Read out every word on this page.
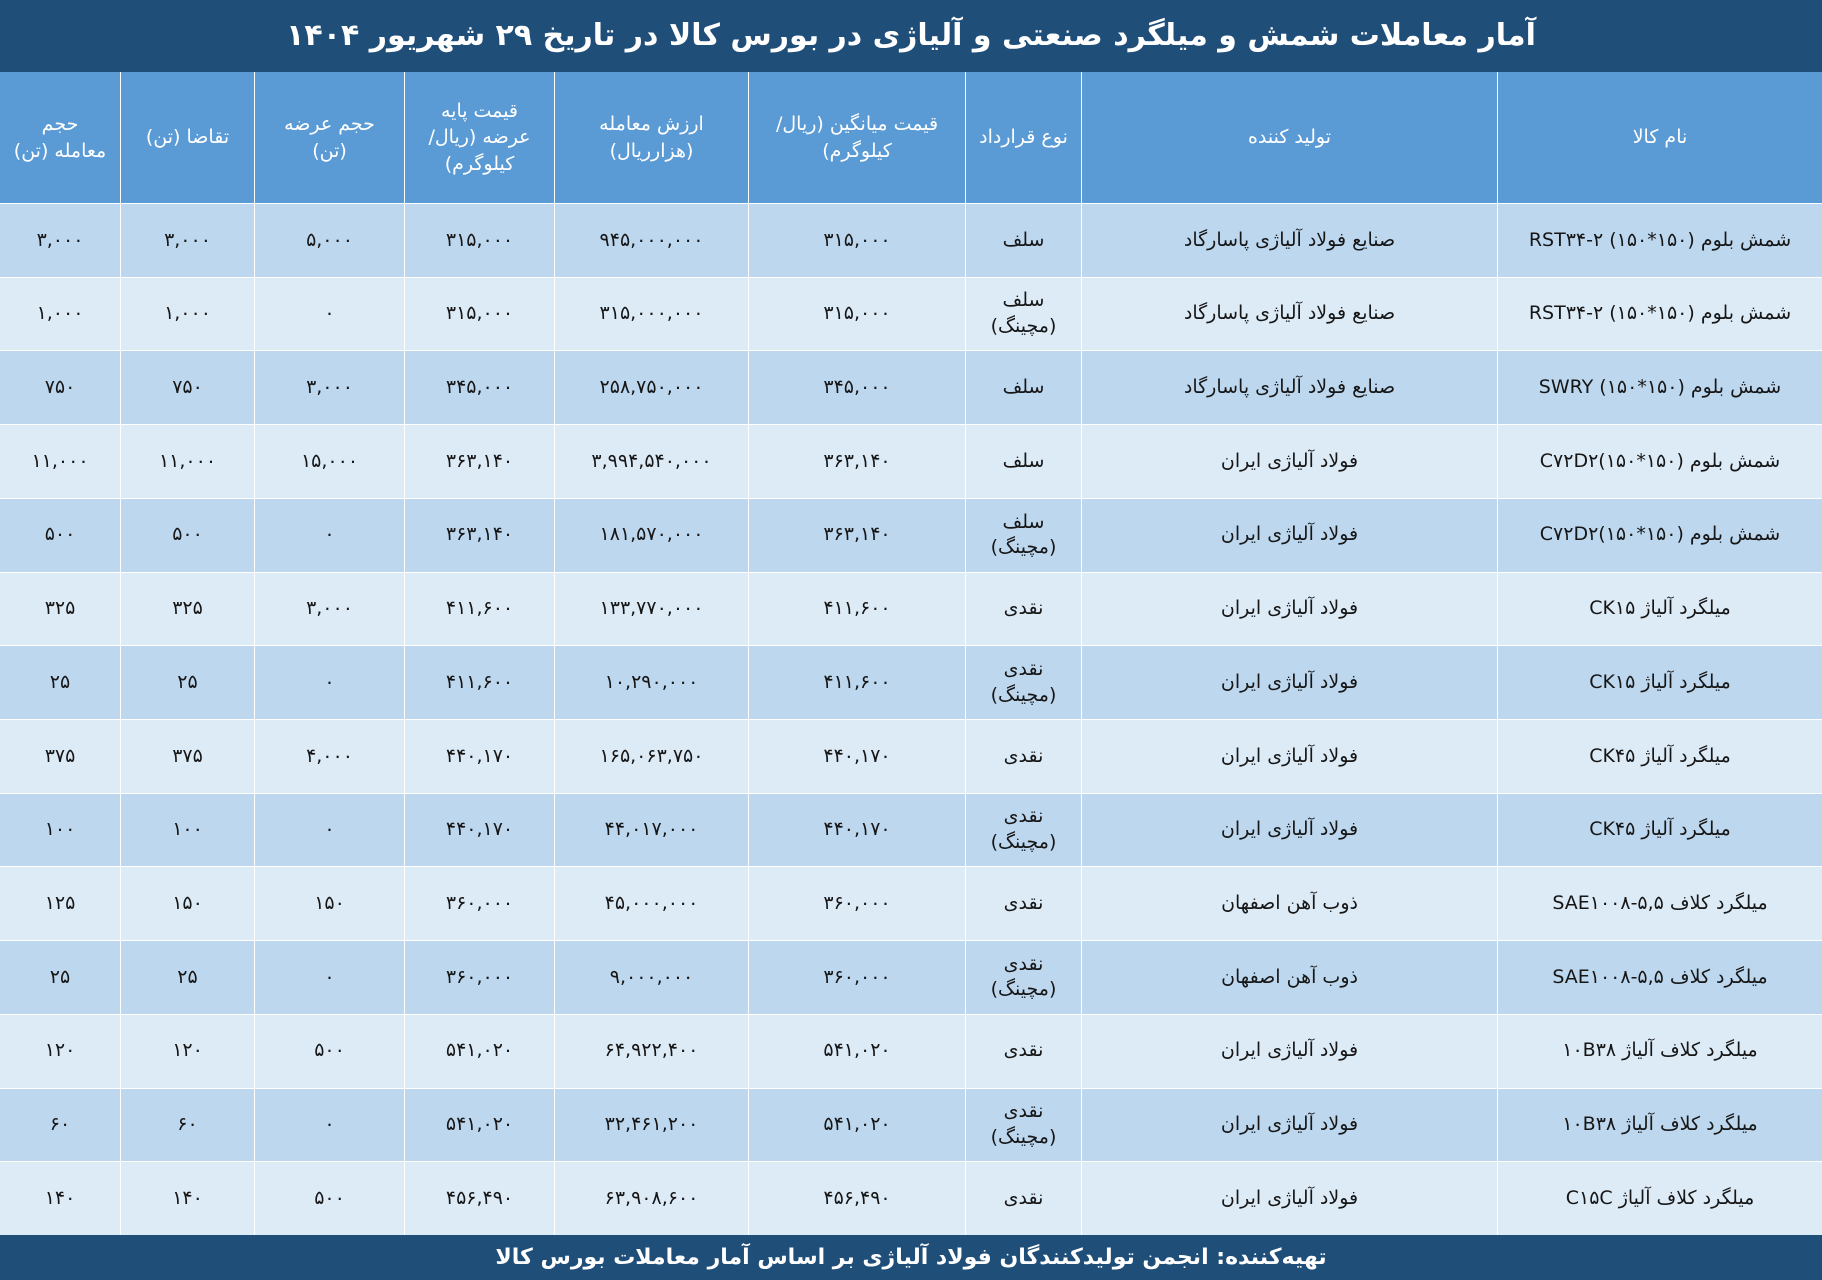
آمار معاملات شمش و میلگرد صنعتی و آلیاژی در بورس کالا در تاریخ ۲۹ شهریور ۱۴۰۴
نام کالا
تولید کننده
نوع قرارداد
قیمت میانگین (ریال/
کیلوگرم)
ارزش معامله
(هزارریال)
قیمت پایه
عرضه (ریال/
کیلوگرم)
حجم عرضه
(تن)
تقاضا (تن)
حجم
معامله (تن)
شمش بلوم (۱۵۰*۱۵۰) RST۳۴-۲
صنایع فولاد آلیاژی پاسارگاد
سلف
۳۱۵,۰۰۰
۹۴۵,۰۰۰,۰۰۰
۳۱۵,۰۰۰
۵,۰۰۰
۳,۰۰۰
۳,۰۰۰
شمش بلوم (۱۵۰*۱۵۰) RST۳۴-۲
صنایع فولاد آلیاژی پاسارگاد
سلف (مچینگ)
۳۱۵,۰۰۰
۳۱۵,۰۰۰,۰۰۰
۳۱۵,۰۰۰
۰
۱,۰۰۰
۱,۰۰۰
شمش بلوم (۱۵۰*۱۵۰) SWRY
صنایع فولاد آلیاژی پاسارگاد
سلف
۳۴۵,۰۰۰
۲۵۸,۷۵۰,۰۰۰
۳۴۵,۰۰۰
۳,۰۰۰
۷۵۰
۷۵۰
شمش بلوم (۱۵۰*۱۵۰)C۷۲D۲
فولاد آلیاژی ایران
سلف
۳۶۳,۱۴۰
۳,۹۹۴,۵۴۰,۰۰۰
۳۶۳,۱۴۰
۱۵,۰۰۰
۱۱,۰۰۰
۱۱,۰۰۰
شمش بلوم (۱۵۰*۱۵۰)C۷۲D۲
فولاد آلیاژی ایران
سلف (مچینگ)
۳۶۳,۱۴۰
۱۸۱,۵۷۰,۰۰۰
۳۶۳,۱۴۰
۰
۵۰۰
۵۰۰
میلگرد آلیاژ CK۱۵
فولاد آلیاژی ایران
نقدی
۴۱۱,۶۰۰
۱۳۳,۷۷۰,۰۰۰
۴۱۱,۶۰۰
۳,۰۰۰
۳۲۵
۳۲۵
میلگرد آلیاژ CK۱۵
فولاد آلیاژی ایران
نقدی (مچینگ)
۴۱۱,۶۰۰
۱۰,۲۹۰,۰۰۰
۴۱۱,۶۰۰
۰
۲۵
۲۵
میلگرد آلیاژ CK۴۵
فولاد آلیاژی ایران
نقدی
۴۴۰,۱۷۰
۱۶۵,۰۶۳,۷۵۰
۴۴۰,۱۷۰
۴,۰۰۰
۳۷۵
۳۷۵
میلگرد آلیاژ CK۴۵
فولاد آلیاژی ایران
نقدی (مچینگ)
۴۴۰,۱۷۰
۴۴,۰۱۷,۰۰۰
۴۴۰,۱۷۰
۰
۱۰۰
۱۰۰
میلگرد کلاف SAE۱۰۰۸-۵,۵
ذوب آهن اصفهان
نقدی
۳۶۰,۰۰۰
۴۵,۰۰۰,۰۰۰
۳۶۰,۰۰۰
۱۵۰
۱۵۰
۱۲۵
میلگرد کلاف SAE۱۰۰۸-۵,۵
ذوب آهن اصفهان
نقدی (مچینگ)
۳۶۰,۰۰۰
۹,۰۰۰,۰۰۰
۳۶۰,۰۰۰
۰
۲۵
۲۵
میلگرد کلاف آلیاژ ۱۰B۳۸
فولاد آلیاژی ایران
نقدی
۵۴۱,۰۲۰
۶۴,۹۲۲,۴۰۰
۵۴۱,۰۲۰
۵۰۰
۱۲۰
۱۲۰
میلگرد کلاف آلیاژ ۱۰B۳۸
فولاد آلیاژی ایران
نقدی (مچینگ)
۵۴۱,۰۲۰
۳۲,۴۶۱,۲۰۰
۵۴۱,۰۲۰
۰
۶۰
۶۰
میلگرد کلاف آلیاژ C۱۵C
فولاد آلیاژی ایران
نقدی
۴۵۶,۴۹۰
۶۳,۹۰۸,۶۰۰
۴۵۶,۴۹۰
۵۰۰
۱۴۰
۱۴۰
تهیه‌کننده: انجمن تولیدکنندگان فولاد آلیاژی بر اساس آمار معاملات بورس کالا
